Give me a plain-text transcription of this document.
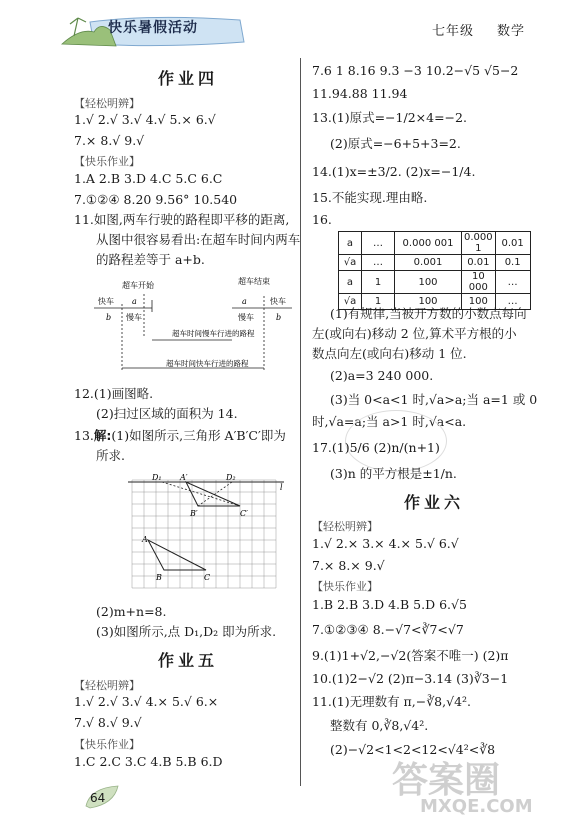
快乐暑假活动	七年级 数学
作业四
【轻松明辨】
1.√ 2.√ 3.√ 4.√ 5.× 6.√
7.× 8.√ 9.√
【快乐作业】
1.A 2.B 3.D 4.C 5.C 6.C
7.①②④ 8.20 9.56° 10.540
11.如图,两车行驶的路程即平移的距离,
从图中很容易看出:在超车时间内两车
的路程差等于 a+b.
快车
b
a
慢车
超车开始	超车结束
a	快车
慢车	b
超车时间慢车行进的路程
超车时间快车行进的路程
12.(1)画图略.
(2)扫过区域的面积为 14.
13.解:(1)如图所示,三角形 A′B′C′即为
所求.
D₁ A′	D₂
l
B′	C′
A
B	C
(2)m+n=8.
(3)如图所示,点 D₁,D₂ 即为所求.
作业五
【轻松明辨】
1.√ 2.√ 3.√ 4.× 5.√ 6.×
7.√ 8.√ 9.√
【快乐作业】
1.C 2.C 3.C 4.B 5.B 6.D
64
7.6 1 8.16 9.3 −3 10.2−√5 √5−2
11.94.88 11.94
13.(1)原式=−1/2×4=−2.
(2)原式=−6+5+3=2.
14.(1)x=±3/2. (2)x=−1/4.
15.不能实现.理由略.
16.
a	…	0.000 001	0.000 1	0.01
√a	…	0.001	0.01	0.1
a	1	100	10 000	…
√a	1	100	100	…
(1)有规律,当被开方数的小数点每向
左(或向右)移动 2 位,算术平方根的小
数点向左(或向右)移动 1 位.
(2)a=3 240 000.
(3)当 0<a<1 时,√a>a;当 a=1 或 0
时,√a=a;当 a>1 时,√a<a.
17.(1)5/6 (2)n/(n+1)
(3)n 的平方根是±1/n.
作业六
【轻松明辨】
1.√ 2.× 3.× 4.× 5.√ 6.√
7.× 8.× 9.√
【快乐作业】
1.B 2.B 3.D 4.B 5.D 6.√5
7.①②③④ 8.−√7<∛7<√7
9.(1)1+√2,−√2(答案不唯一) (2)π
10.(1)2−√2 (2)π−3.14 (3)∛3−1
11.(1)无理数有 π,−∛8,√4².
整数有 0,∛8,√4².
(2)−√2<1<2<12<√4²<∛8
答案圈
MXQE.COM
